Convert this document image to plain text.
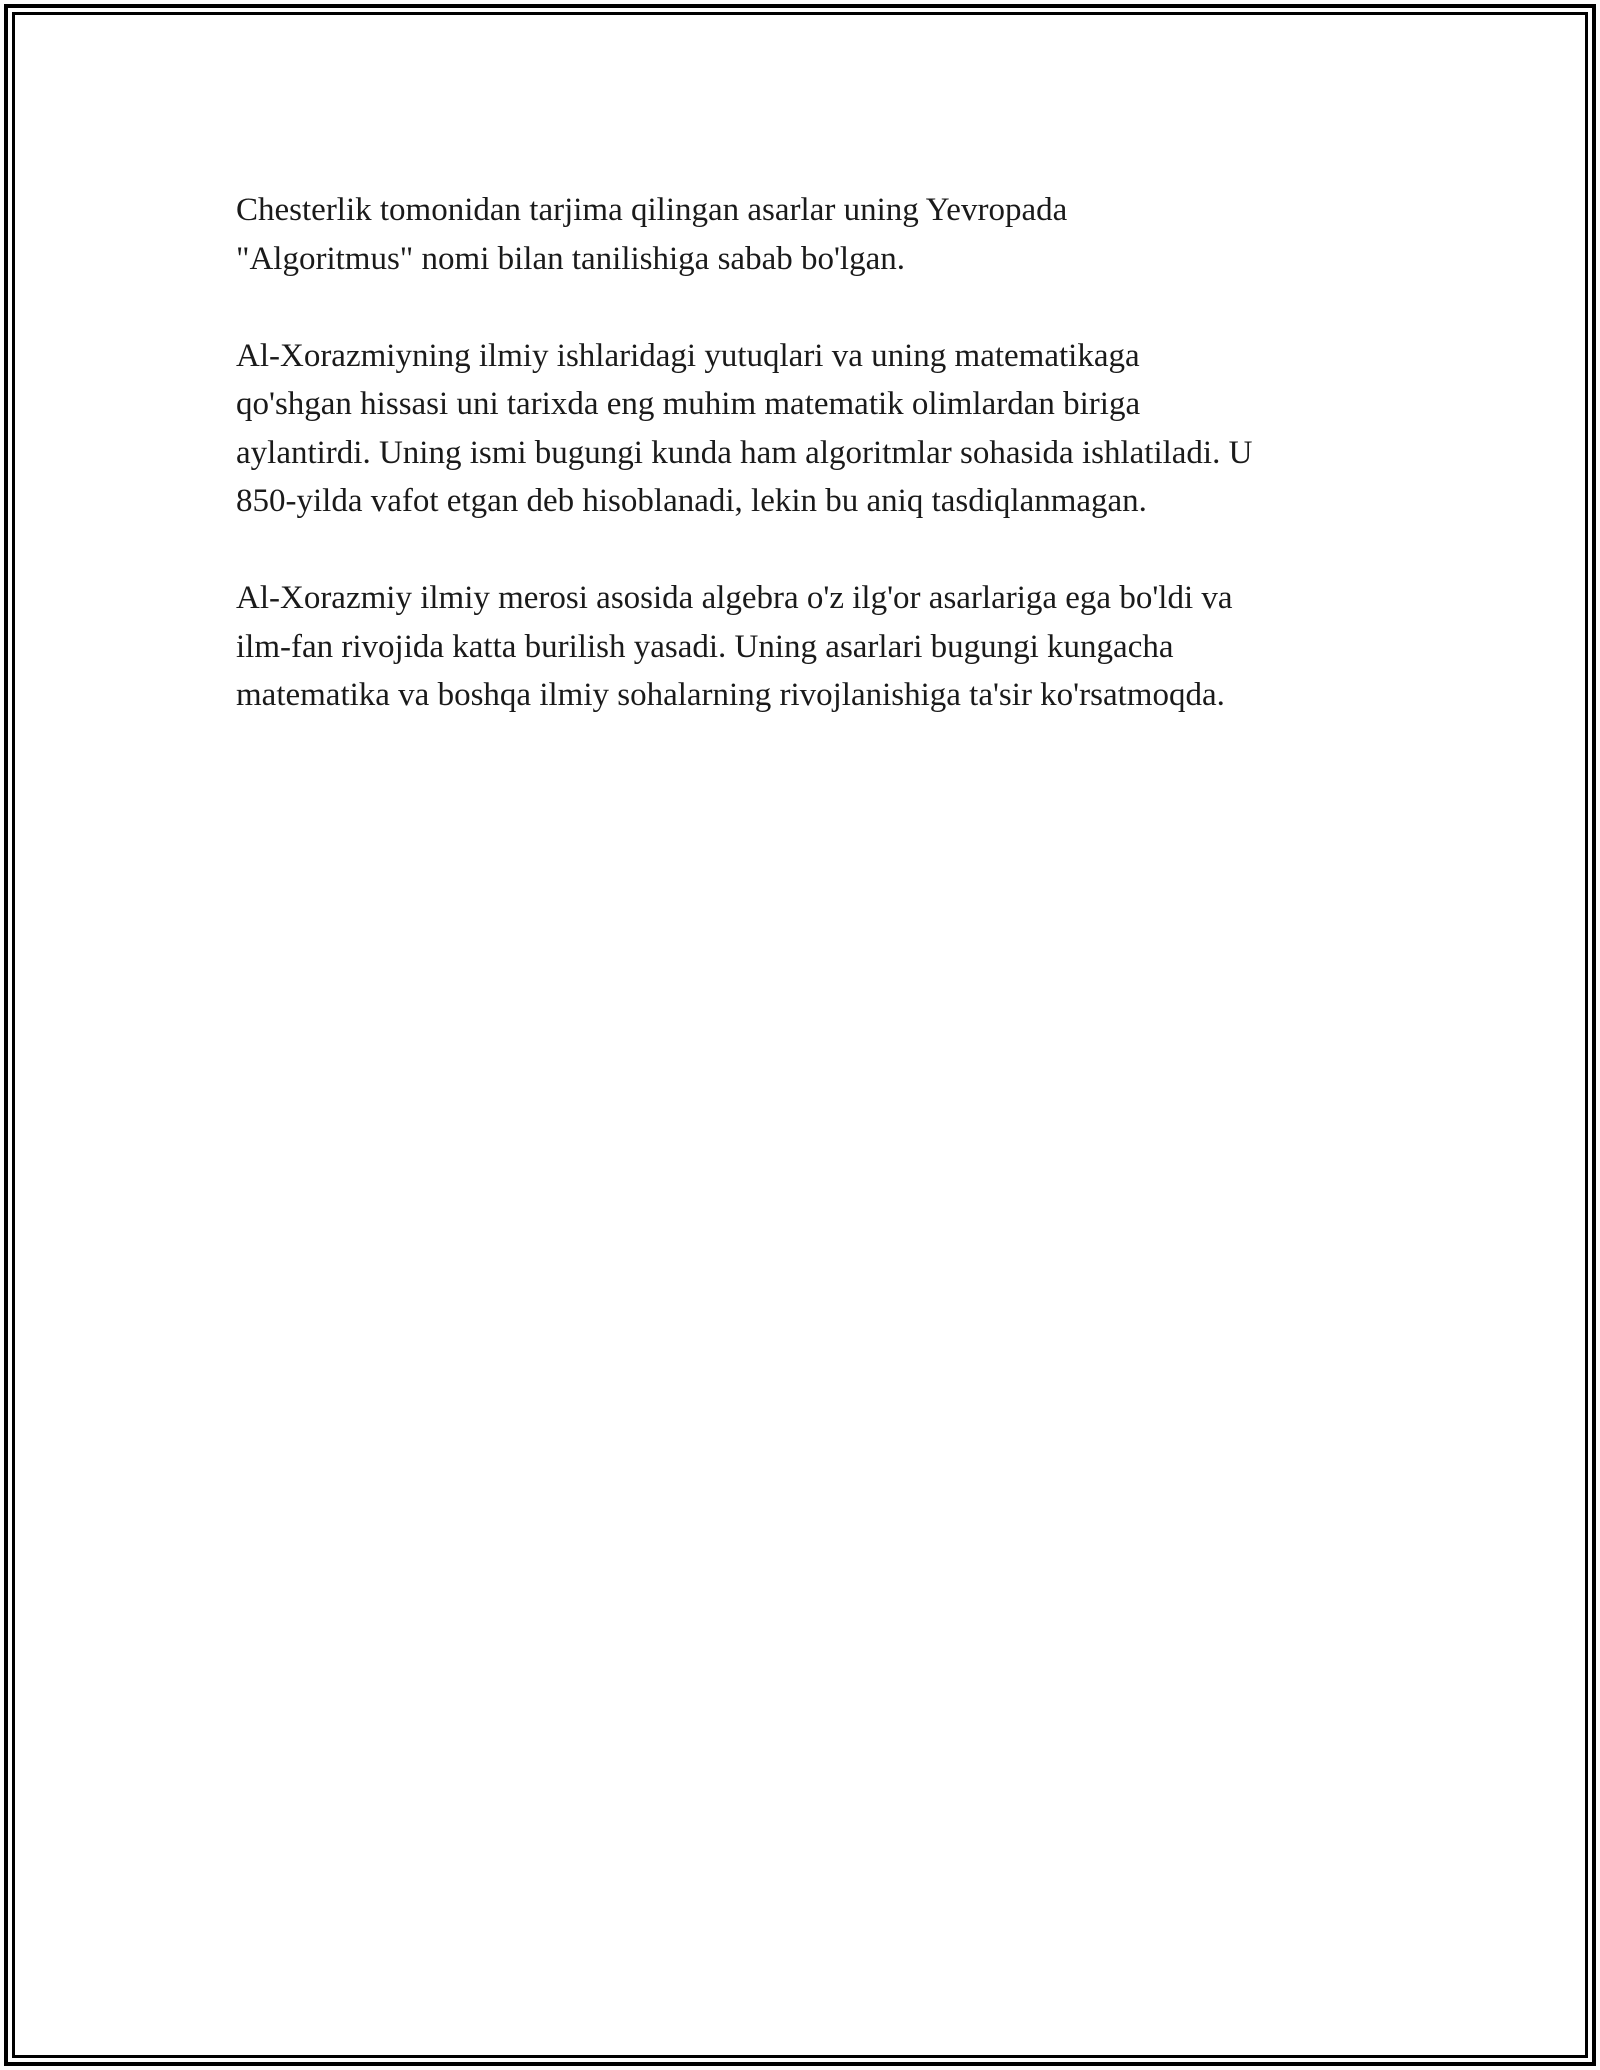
Chesterlik tomonidan tarjima qilingan asarlar uning Yevropada
"Algoritmus" nomi bilan tanilishiga sabab bo'lgan.

Al-Xorazmiyning ilmiy ishlaridagi yutuqlari va uning matematikaga
qo'shgan hissasi uni tarixda eng muhim matematik olimlardan biriga
aylantirdi. Uning ismi bugungi kunda ham algoritmlar sohasida ishlatiladi. U
850-yilda vafot etgan deb hisoblanadi, lekin bu aniq tasdiqlanmagan.

Al-Xorazmiy ilmiy merosi asosida algebra o'z ilg'or asarlariga ega bo'ldi va
ilm-fan rivojida katta burilish yasadi. Uning asarlari bugungi kungacha
matematika va boshqa ilmiy sohalarning rivojlanishiga ta'sir ko'rsatmoqda.
